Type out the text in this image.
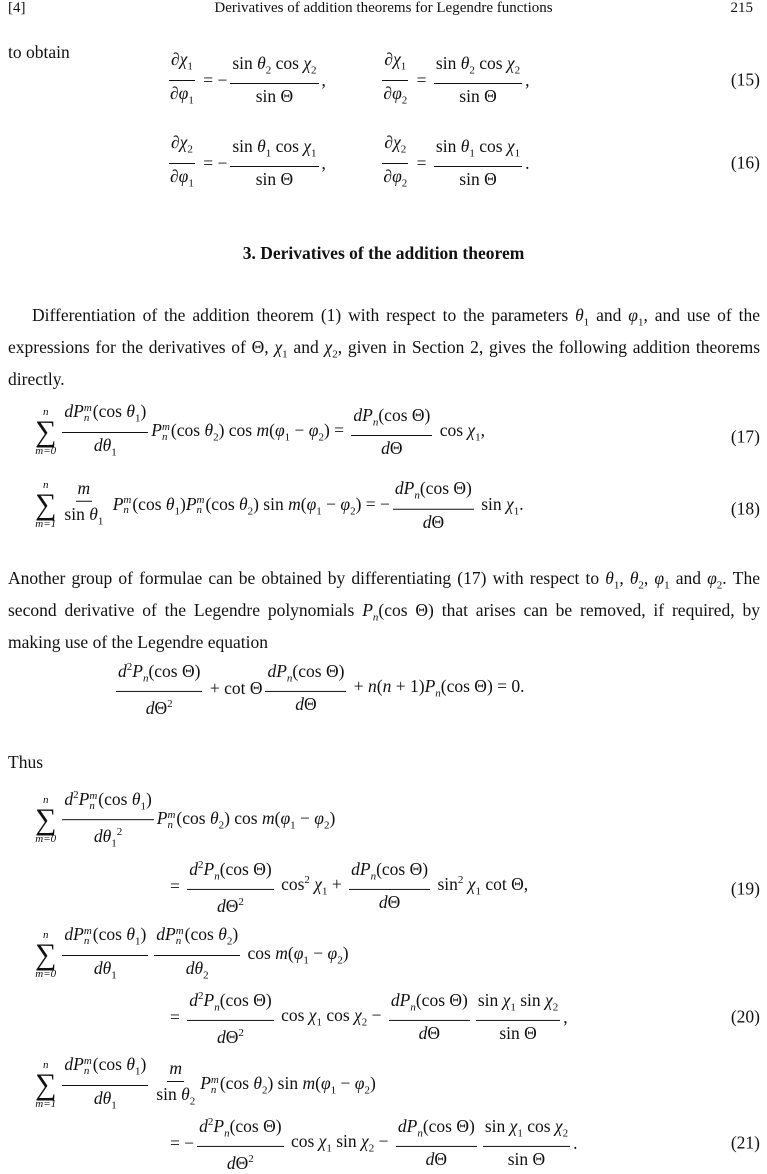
[4]	Derivatives of addition theorems for Legendre functions	215
to obtain	$\frac{\partial\chi_1}{\partial\varphi_1}$ = − $\frac{\sin \theta_2 \cos \chi_2}{\text{sin Θ}}$ , $\frac{\partial\chi_1}{\partial\varphi_2} = \frac{\sin \theta_2 \cos \chi_2}{\text{sin Θ}}$ ,	(15)
$\frac{\partial\chi_2}{\partial\varphi_1}$ = − $\frac{\sin \theta_1 \cos \chi_1}{\text{sin Θ}}$ , $\frac{\partial\chi_2}{\partial\varphi_2} = \frac{\sin \theta_1 \cos \chi_1}{\text{sin Θ}}$ .	(16)
3. Derivatives of the addition theorem
Differentiation of the addition theorem (1) with respect to the parameters $\theta_1$ and $\varphi_1$, and use of the expressions for the derivatives of Θ, $\chi_1$ and $\chi_2$, given in Section 2, gives the following addition theorems directly.
n
∑
m=0 dP m
n (cos $\theta_1$)
$d\theta_1$ P m
n (cos $\theta_2$) $\cos m(\varphi_1 - \varphi_2) = \frac{dP_n(\cos \Theta)}{d\Theta}$ $\cos \chi_1$,	(17)
n
∑
$m=1 \frac{m}{\sin \theta_1}$ P m
n (cos $\theta_1)P$ m
n (cos $\theta_2$) $\sin m(\varphi_1 - \varphi_2)$ = − $\frac{dP_n(\cos \Theta)}{d\Theta}$ $\sin \chi_1$.	(18)
Another group of formulae can be obtained by differentiating (17) with respect to $\theta_1$, $\theta_2$, $\varphi_1$ and $\varphi_2$. The second derivative of the Legendre polynomials $P_n(\cos$ Θ) that arises can be removed, if required, by making use of the Legendre equation
$\frac{d^2P_n(\cos \Theta)}{d\Theta^2} + \cot \Theta \frac{dP_n(\cos \Theta)}{d\Theta} + n(n + 1)P_n(\cos$ Θ) = 0.
Thus
n
∑
m=0 $d^2P$ m
n (cos $\theta_1$)
$d\theta_1^2$ P m
n (cos $\theta_2$) $\cos m(\varphi_1 - \varphi_2)$
= $\frac{d^2P_n(\cos \Theta)}{d\Theta^2} \cos^2 \chi_1 + \frac{dP_n(\cos \Theta)}{d\Theta} \sin^2 \chi_1$ cot Θ,	(19)
n
∑
m=0 dP m
n (cos $\theta_1$)
$d\theta_1$ dP m
n (cos $\theta_2$)
$d\theta_2$ $\cos m(\varphi_1 - \varphi_2)$
= $\frac{d^2P_n(\cos \Theta)}{d\Theta^2}$ $\cos \chi_1$ $\cos \chi_2 - \frac{dP_n(\cos \Theta)}{d\Theta} \frac{\sin \chi_1 \sin \chi_2}{\text{sin Θ}}$ ,	(20)
n
∑
m=1 dP m
n (cos $\theta_1$)
$d\theta_1 \frac{m}{\sin \theta_2}$ P m
n (cos $\theta_2$) $\sin m(\varphi_1 - \varphi_2)$
= − $\frac{d^2P_n(\cos \Theta)}{d\Theta^2}$ $\cos \chi_1$ $\sin \chi_2 - \frac{dP_n(\cos \Theta)}{d\Theta} \frac{\sin \chi_1 \cos \chi_2}{\text{sin Θ}}$ .	(21)
